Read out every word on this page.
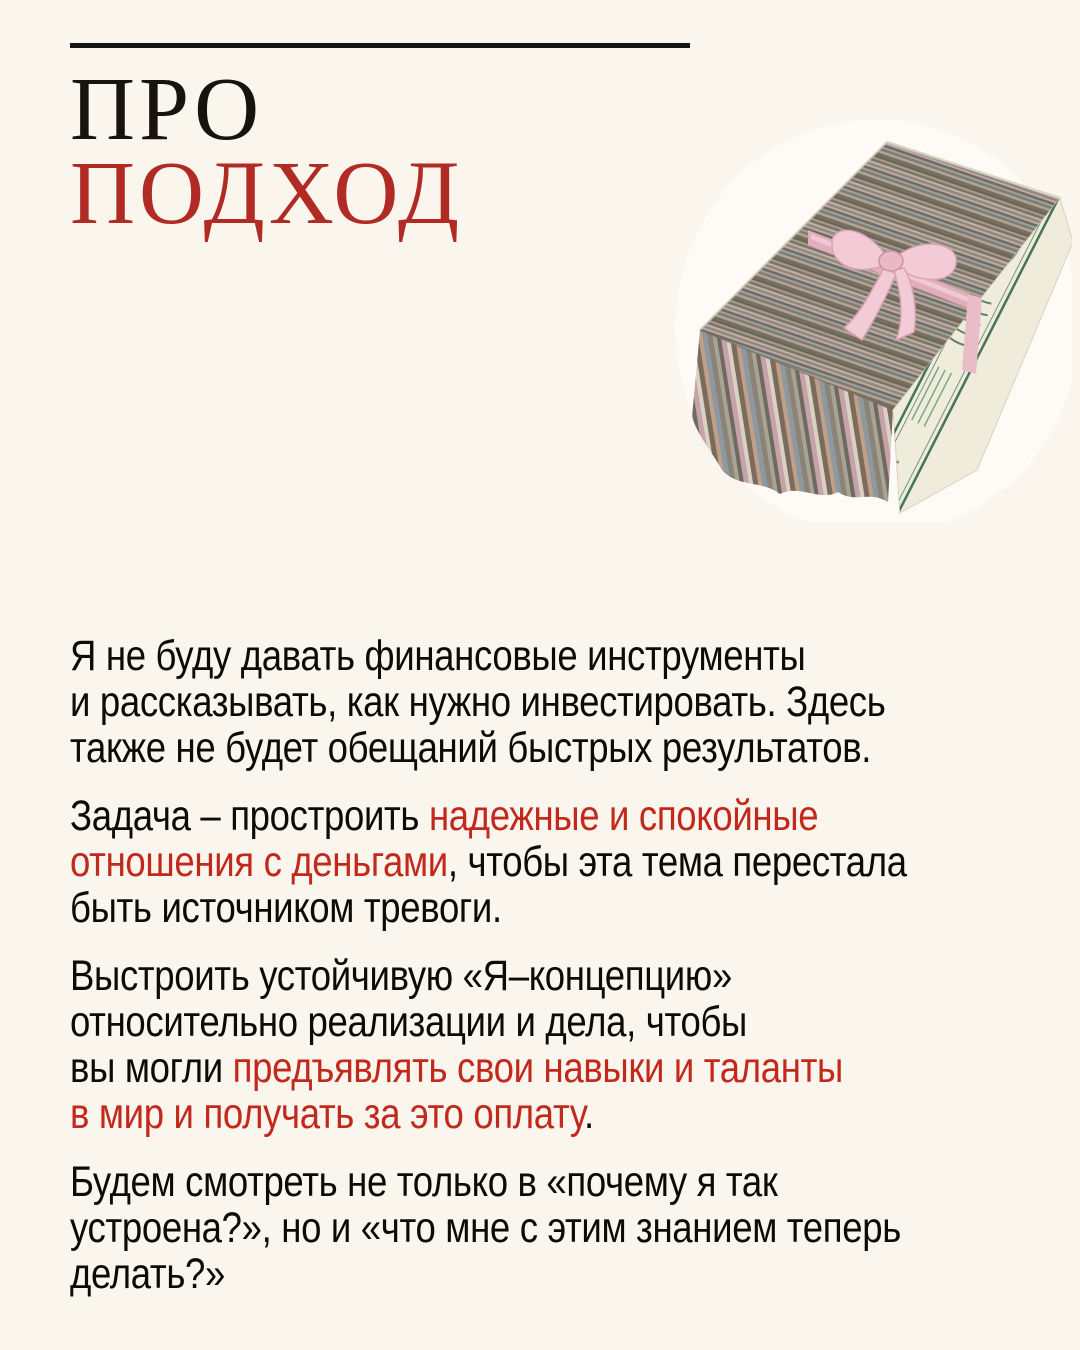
ПРО
ПОДХОД

Я не буду давать финансовые инструменты
и рассказывать, как нужно инвестировать. Здесь
также не будет обещаний быстрых результатов.

Задача – простроить надежные и спокойные
отношения с деньгами, чтобы эта тема перестала
быть источником тревоги.

Выстроить устойчивую «Я–концепцию»
относительно реализации и дела, чтобы
вы могли предъявлять свои навыки и таланты
в мир и получать за это оплату.

Будем смотреть не только в «почему я так
устроена?», но и «что мне с этим знанием теперь
делать?»
